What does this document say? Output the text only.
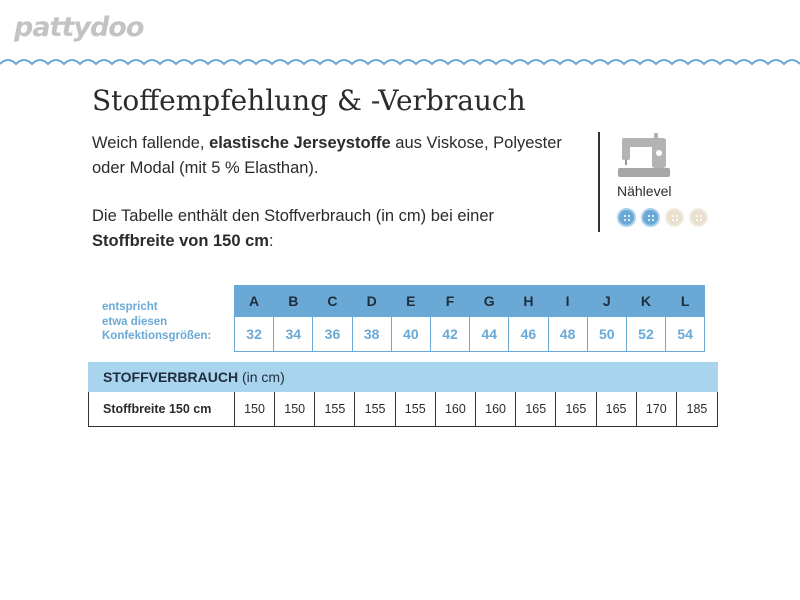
pattydoo
Stoffempfehlung & -Verbrauch

Weich fallende, elastische Jerseystoffe aus Viskose, Polyester oder Modal (mit 5 % Elasthan).

Die Tabelle enthält den Stoffverbrauch (in cm) bei einer Stoffbreite von 150 cm:

Nählevel
entspricht
etwa diesen
Konfektionsgrößen:
A	B	C	D	E	F	G	H	I	J	K	L
32	34	36	38	40	42	44	46	48	50	52	54
STOFFVERBRAUCH (in cm)
Stoffbreite 150 cm	150	150	155	155	155	160	160	165	165	165	170	185
